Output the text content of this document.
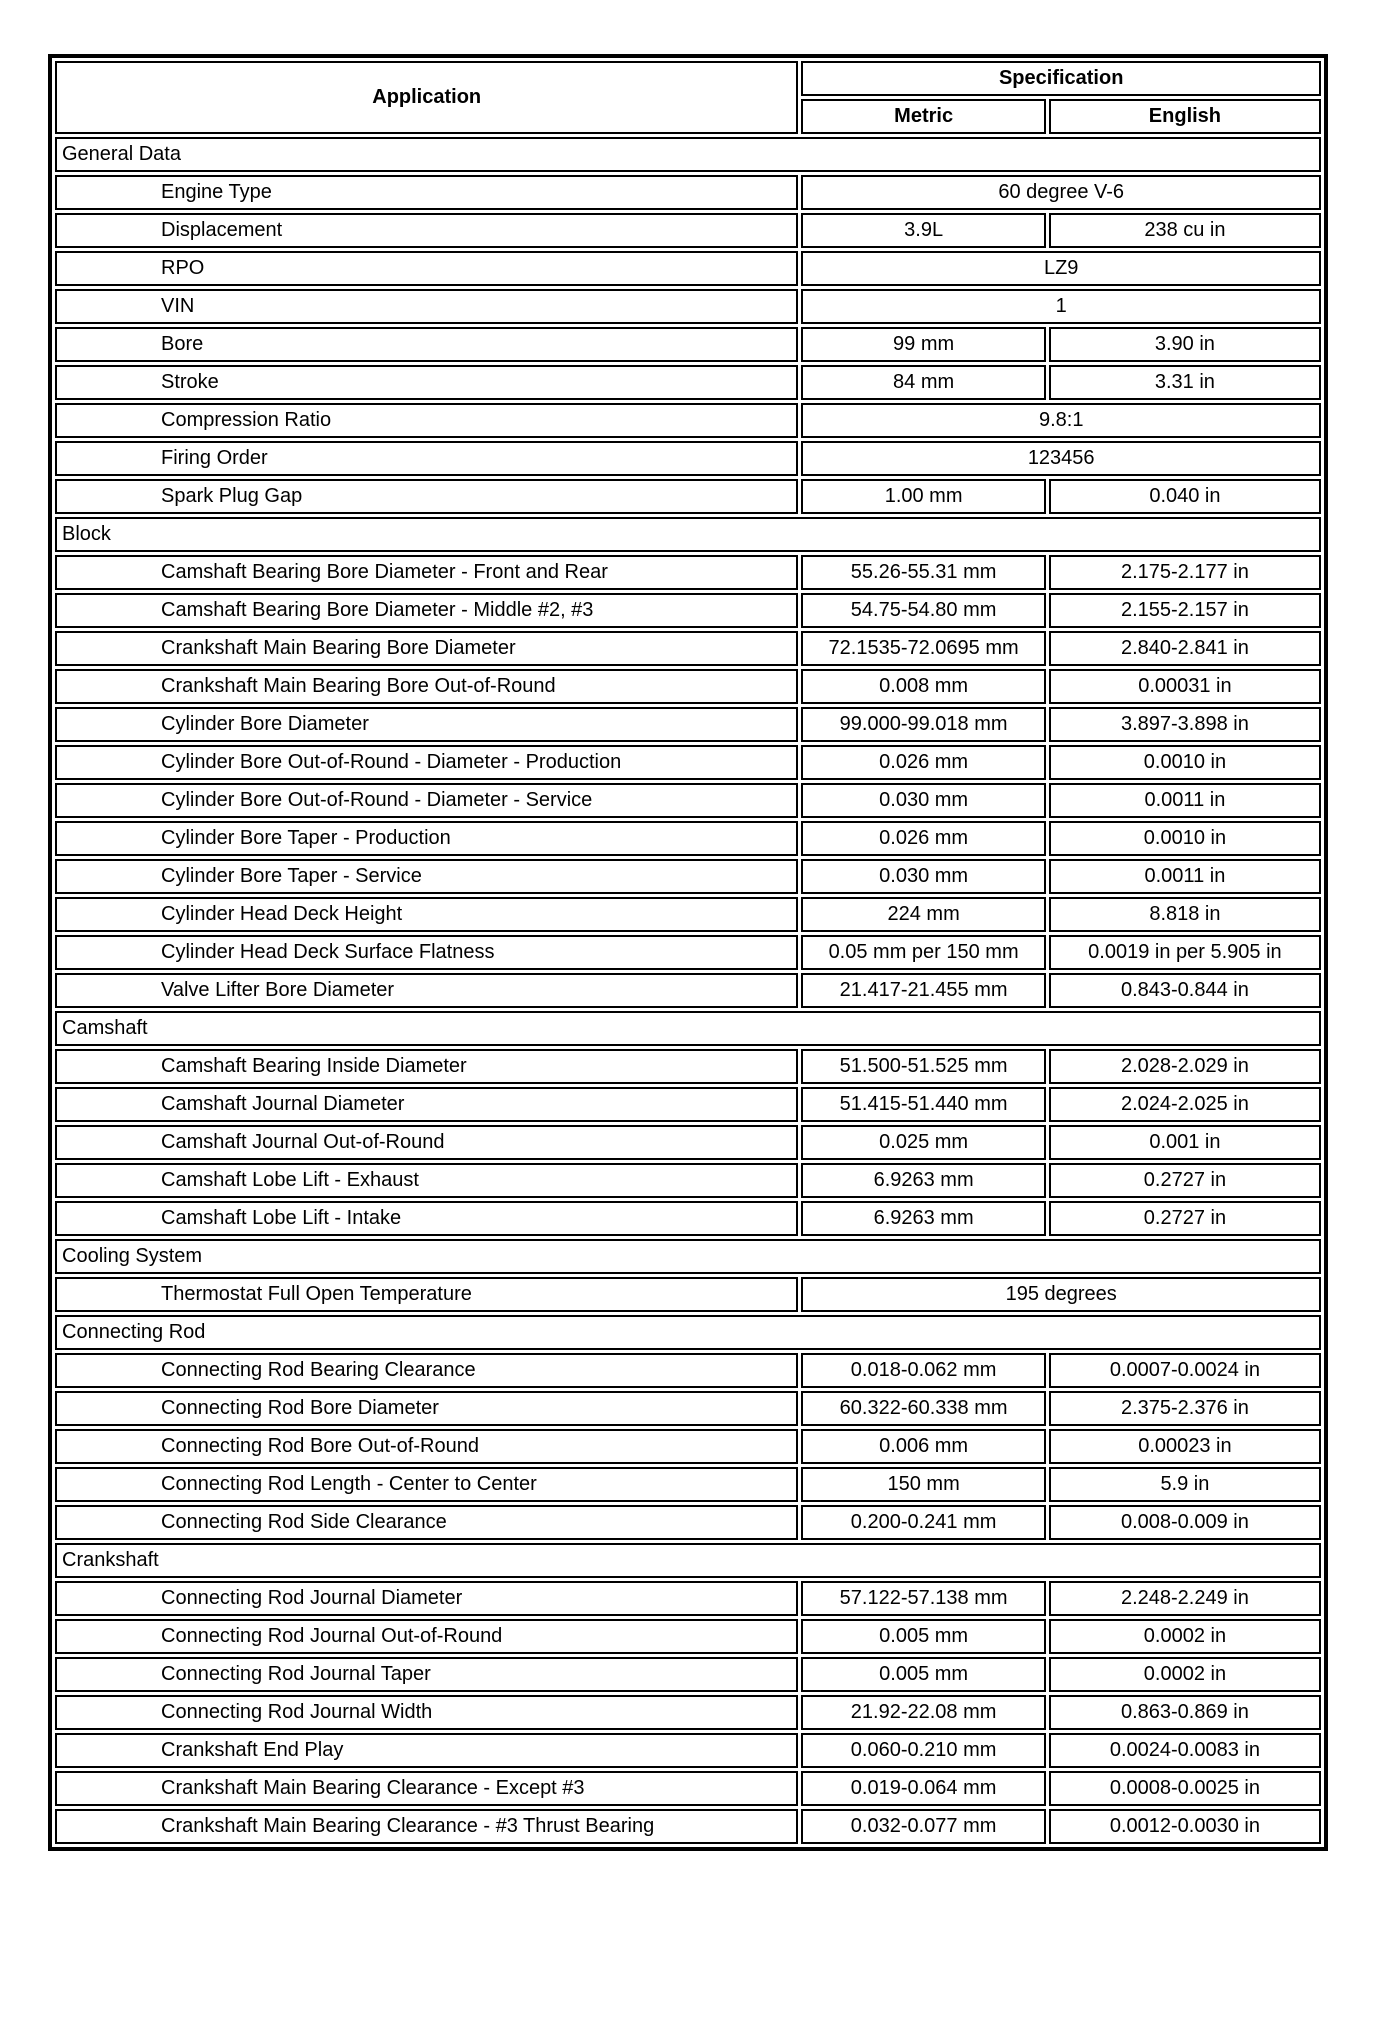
Application	Specification	
	Metric	English
General Data		
Engine Type	60 degree V-6	
Displacement	3.9L	238 cu in
RPO	LZ9	
VIN	1	
Bore	99 mm	3.90 in
Stroke	84 mm	3.31 in
Compression Ratio	9.8:1	
Firing Order	123456	
Spark Plug Gap	1.00 mm	0.040 in
Block		
Camshaft Bearing Bore Diameter - Front and Rear	55.26-55.31 mm	2.175-2.177 in
Camshaft Bearing Bore Diameter - Middle #2, #3	54.75-54.80 mm	2.155-2.157 in
Crankshaft Main Bearing Bore Diameter	72.1535-72.0695 mm	2.840-2.841 in
Crankshaft Main Bearing Bore Out-of-Round	0.008 mm	0.00031 in
Cylinder Bore Diameter	99.000-99.018 mm	3.897-3.898 in
Cylinder Bore Out-of-Round - Diameter - Production	0.026 mm	0.0010 in
Cylinder Bore Out-of-Round - Diameter - Service	0.030 mm	0.0011 in
Cylinder Bore Taper - Production	0.026 mm	0.0010 in
Cylinder Bore Taper - Service	0.030 mm	0.0011 in
Cylinder Head Deck Height	224 mm	8.818 in
Cylinder Head Deck Surface Flatness	0.05 mm per 150 mm	0.0019 in per 5.905 in
Valve Lifter Bore Diameter	21.417-21.455 mm	0.843-0.844 in
Camshaft		
Camshaft Bearing Inside Diameter	51.500-51.525 mm	2.028-2.029 in
Camshaft Journal Diameter	51.415-51.440 mm	2.024-2.025 in
Camshaft Journal Out-of-Round	0.025 mm	0.001 in
Camshaft Lobe Lift - Exhaust	6.9263 mm	0.2727 in
Camshaft Lobe Lift - Intake	6.9263 mm	0.2727 in
Cooling System		
Thermostat Full Open Temperature	195 degrees	
Connecting Rod		
Connecting Rod Bearing Clearance	0.018-0.062 mm	0.0007-0.0024 in
Connecting Rod Bore Diameter	60.322-60.338 mm	2.375-2.376 in
Connecting Rod Bore Out-of-Round	0.006 mm	0.00023 in
Connecting Rod Length - Center to Center	150 mm	5.9 in
Connecting Rod Side Clearance	0.200-0.241 mm	0.008-0.009 in
Crankshaft		
Connecting Rod Journal Diameter	57.122-57.138 mm	2.248-2.249 in
Connecting Rod Journal Out-of-Round	0.005 mm	0.0002 in
Connecting Rod Journal Taper	0.005 mm	0.0002 in
Connecting Rod Journal Width	21.92-22.08 mm	0.863-0.869 in
Crankshaft End Play	0.060-0.210 mm	0.0024-0.0083 in
Crankshaft Main Bearing Clearance - Except #3	0.019-0.064 mm	0.0008-0.0025 in
Crankshaft Main Bearing Clearance - #3 Thrust Bearing	0.032-0.077 mm	0.0012-0.0030 in
